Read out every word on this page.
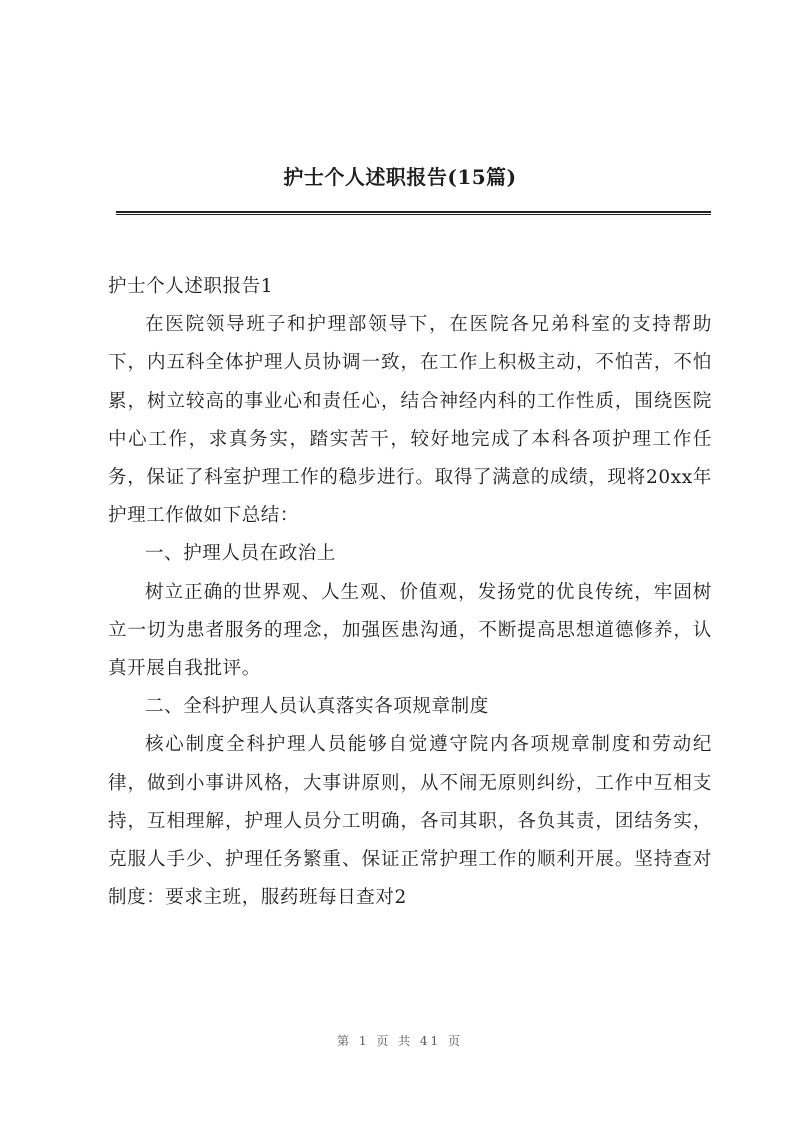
护士个人述职报告(15篇)

护士个人述职报告1

在医院领导班子和护理部领导下，在医院各兄弟科室的支持帮助下，内五科全体护理人员协调一致，在工作上积极主动，不怕苦，不怕累，树立较高的事业心和责任心，结合神经内科的工作性质，围绕医院中心工作，求真务实，踏实苦干，较好地完成了本科各项护理工作任务，保证了科室护理工作的稳步进行。取得了满意的成绩，现将20xx年护理工作做如下总结：

一、护理人员在政治上

树立正确的世界观、人生观、价值观，发扬党的优良传统，牢固树立一切为患者服务的理念，加强医患沟通，不断提高思想道德修养，认真开展自我批评。

二、全科护理人员认真落实各项规章制度

核心制度全科护理人员能够自觉遵守院内各项规章制度和劳动纪律，做到小事讲风格，大事讲原则，从不闹无原则纠纷，工作中互相支持，互相理解，护理人员分工明确，各司其职，各负其责，团结务实，克服人手少、护理任务繁重、保证正常护理工作的顺利开展。坚持查对制度：要求主班，服药班每日查对2

第 1 页 共 41 页
